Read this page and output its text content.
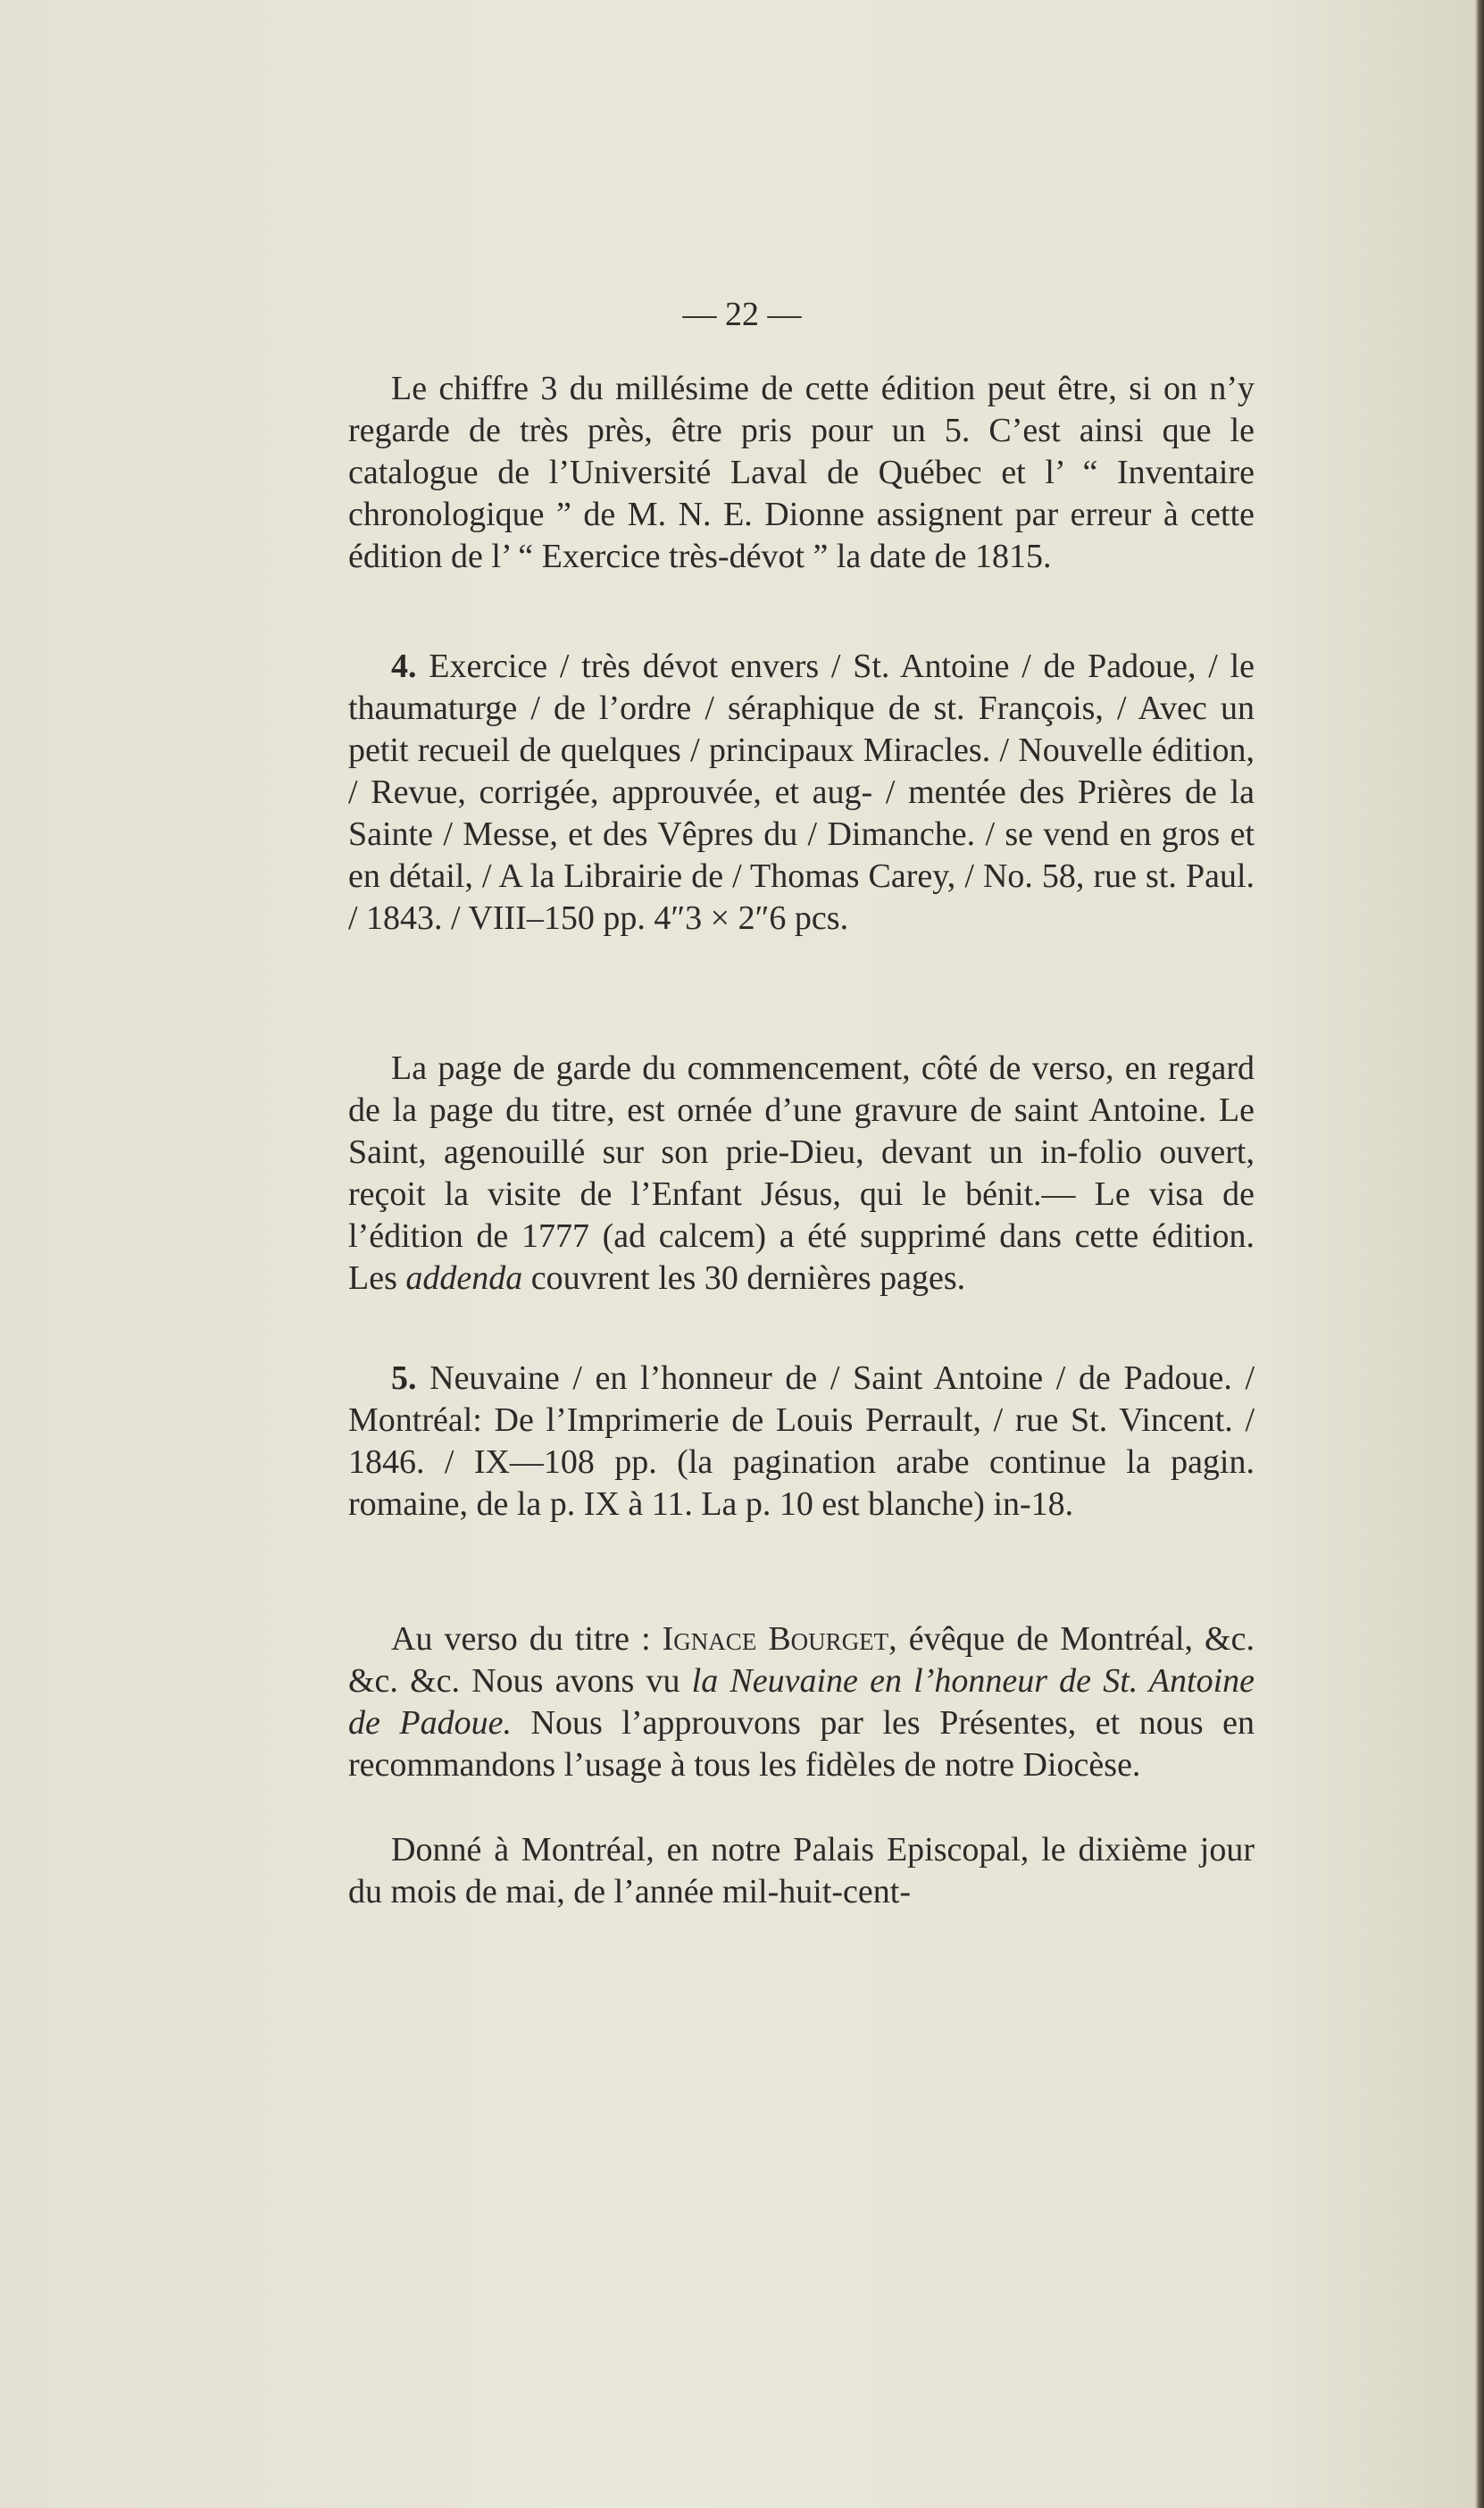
— 22 —

Le chiffre 3 du millésime de cette édition peut être, si on n’y regarde de très près, être pris pour un 5. C’est ainsi que le catalogue de l’Université Laval de Québec et l’ “ Inventaire chronologique ” de M. N. E. Dionne assignent par erreur à cette édition de l’ “ Exercice très-dévot ” la date de 1815.

4. Exercice / très dévot envers / St. Antoine / de Padoue, / le thaumaturge / de l’ordre / séraphique de st. François, / Avec un petit recueil de quelques / principaux Miracles. / Nouvelle édition, / Revue, corrigée, approuvée, et aug- / mentée des Prières de la Sainte / Messe, et des Vêpres du / Dimanche. / se vend en gros et en détail, / A la Librairie de / Thomas Carey, / No. 58, rue st. Paul. / 1843. / VIII–150 pp. 4″3 × 2″6 pcs.

La page de garde du commencement, côté de verso, en regard de la page du titre, est ornée d’une gravure de saint Antoine. Le Saint, agenouillé sur son prie-Dieu, devant un in-folio ouvert, reçoit la visite de l’Enfant Jésus, qui le bénit.— Le visa de l’édition de 1777 (ad calcem) a été supprimé dans cette édition. Les addenda couvrent les 30 dernières pages.

5. Neuvaine / en l’honneur de / Saint Antoine / de Padoue. / Montréal: De l’Imprimerie de Louis Perrault, / rue St. Vincent. / 1846. / IX—108 pp. (la pagination arabe continue la pagin. romaine, de la p. IX à 11. La p. 10 est blanche) in-18.

Au verso du titre : Ignace Bourget, évêque de Montréal, &c. &c. &c. Nous avons vu la Neuvaine en l’honneur de St. Antoine de Padoue. Nous l’approuvons par les Présentes, et nous en recommandons l’usage à tous les fidèles de notre Diocèse.

Donné à Montréal, en notre Palais Episcopal, le dixième jour du mois de mai, de l’année mil-huit-cent-
